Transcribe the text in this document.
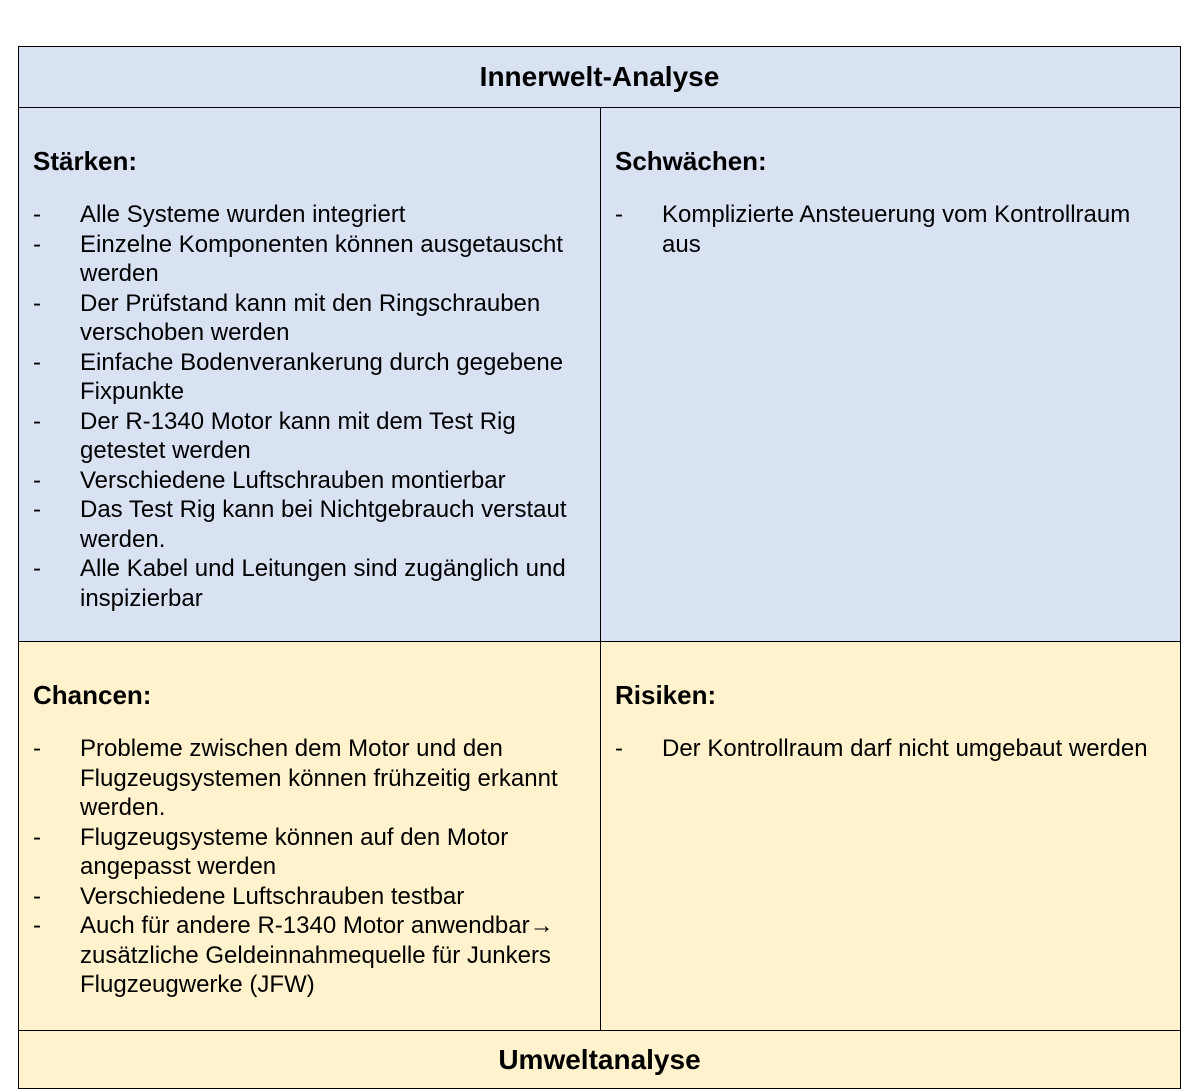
Innerwelt-Analyse
Stärken:
- Alle Systeme wurden integriert
- Einzelne Komponenten können ausgetauscht werden
- Der Prüfstand kann mit den Ringschrauben verschoben werden
- Einfache Bodenverankerung durch gegebene Fixpunkte
- Der R-1340 Motor kann mit dem Test Rig getestet werden
- Verschiedene Luftschrauben montierbar
- Das Test Rig kann bei Nichtgebrauch verstaut werden.
- Alle Kabel und Leitungen sind zugänglich und inspizierbar
Schwächen:
- Komplizierte Ansteuerung vom Kontrollraum aus
Chancen:
- Probleme zwischen dem Motor und den Flugzeugsystemen können frühzeitig erkannt werden.
- Flugzeugsysteme können auf den Motor angepasst werden
- Verschiedene Luftschrauben testbar
- Auch für andere R-1340 Motor anwendbar→ zusätzliche Geldeinnahmequelle für Junkers Flugzeugwerke (JFW)
Risiken:
- Der Kontrollraum darf nicht umgebaut werden
Umweltanalyse
